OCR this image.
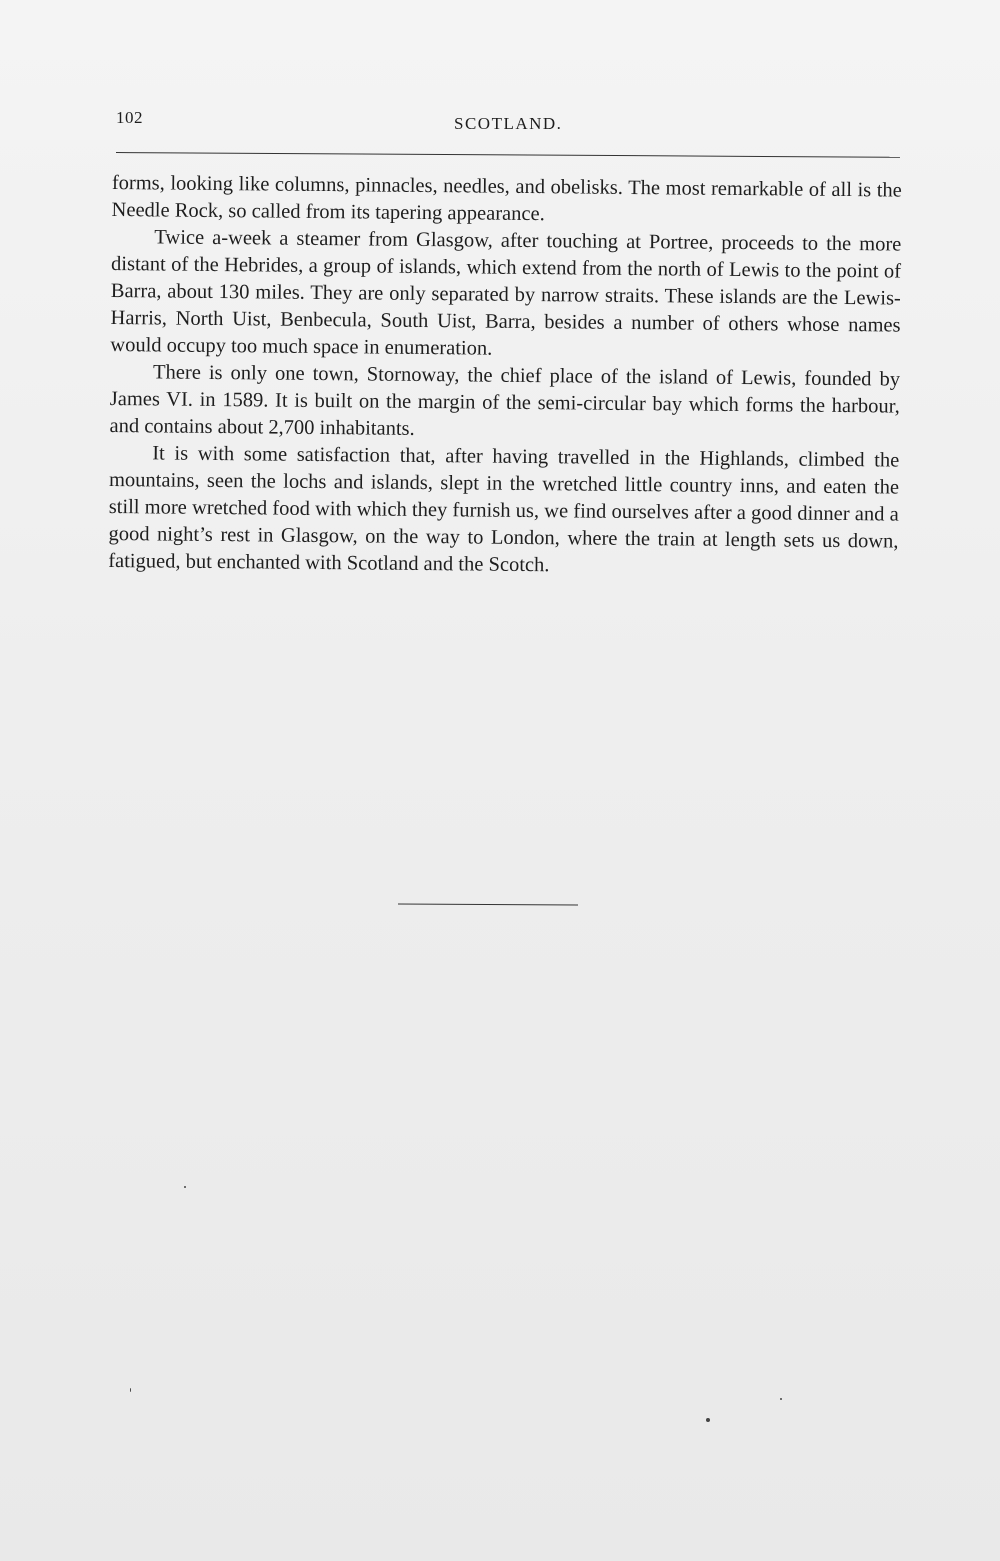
102	SCOTLAND.

forms, looking like columns, pinnacles, needles, and obelisks. The most remarkable of all is the Needle Rock, so called from its tapering appearance.

Twice a-week a steamer from Glasgow, after touching at Portree, proceeds to the more distant of the Hebrides, a group of islands, which extend from the north of Lewis to the point of Barra, about 130 miles. They are only separated by narrow straits. These islands are the Lewis-Harris, North Uist, Benbecula, South Uist, Barra, besides a number of others whose names would occupy too much space in enumeration.

There is only one town, Stornoway, the chief place of the island of Lewis, founded by James VI. in 1589. It is built on the margin of the semi-circular bay which forms the harbour, and contains about 2,700 inhabitants.

It is with some satisfaction that, after having travelled in the Highlands, climbed the mountains, seen the lochs and islands, slept in the wretched little country inns, and eaten the still more wretched food with which they furnish us, we find ourselves after a good dinner and a good night’s rest in Glasgow, on the way to London, where the train at length sets us down, fatigued, but enchanted with Scotland and the Scotch.
